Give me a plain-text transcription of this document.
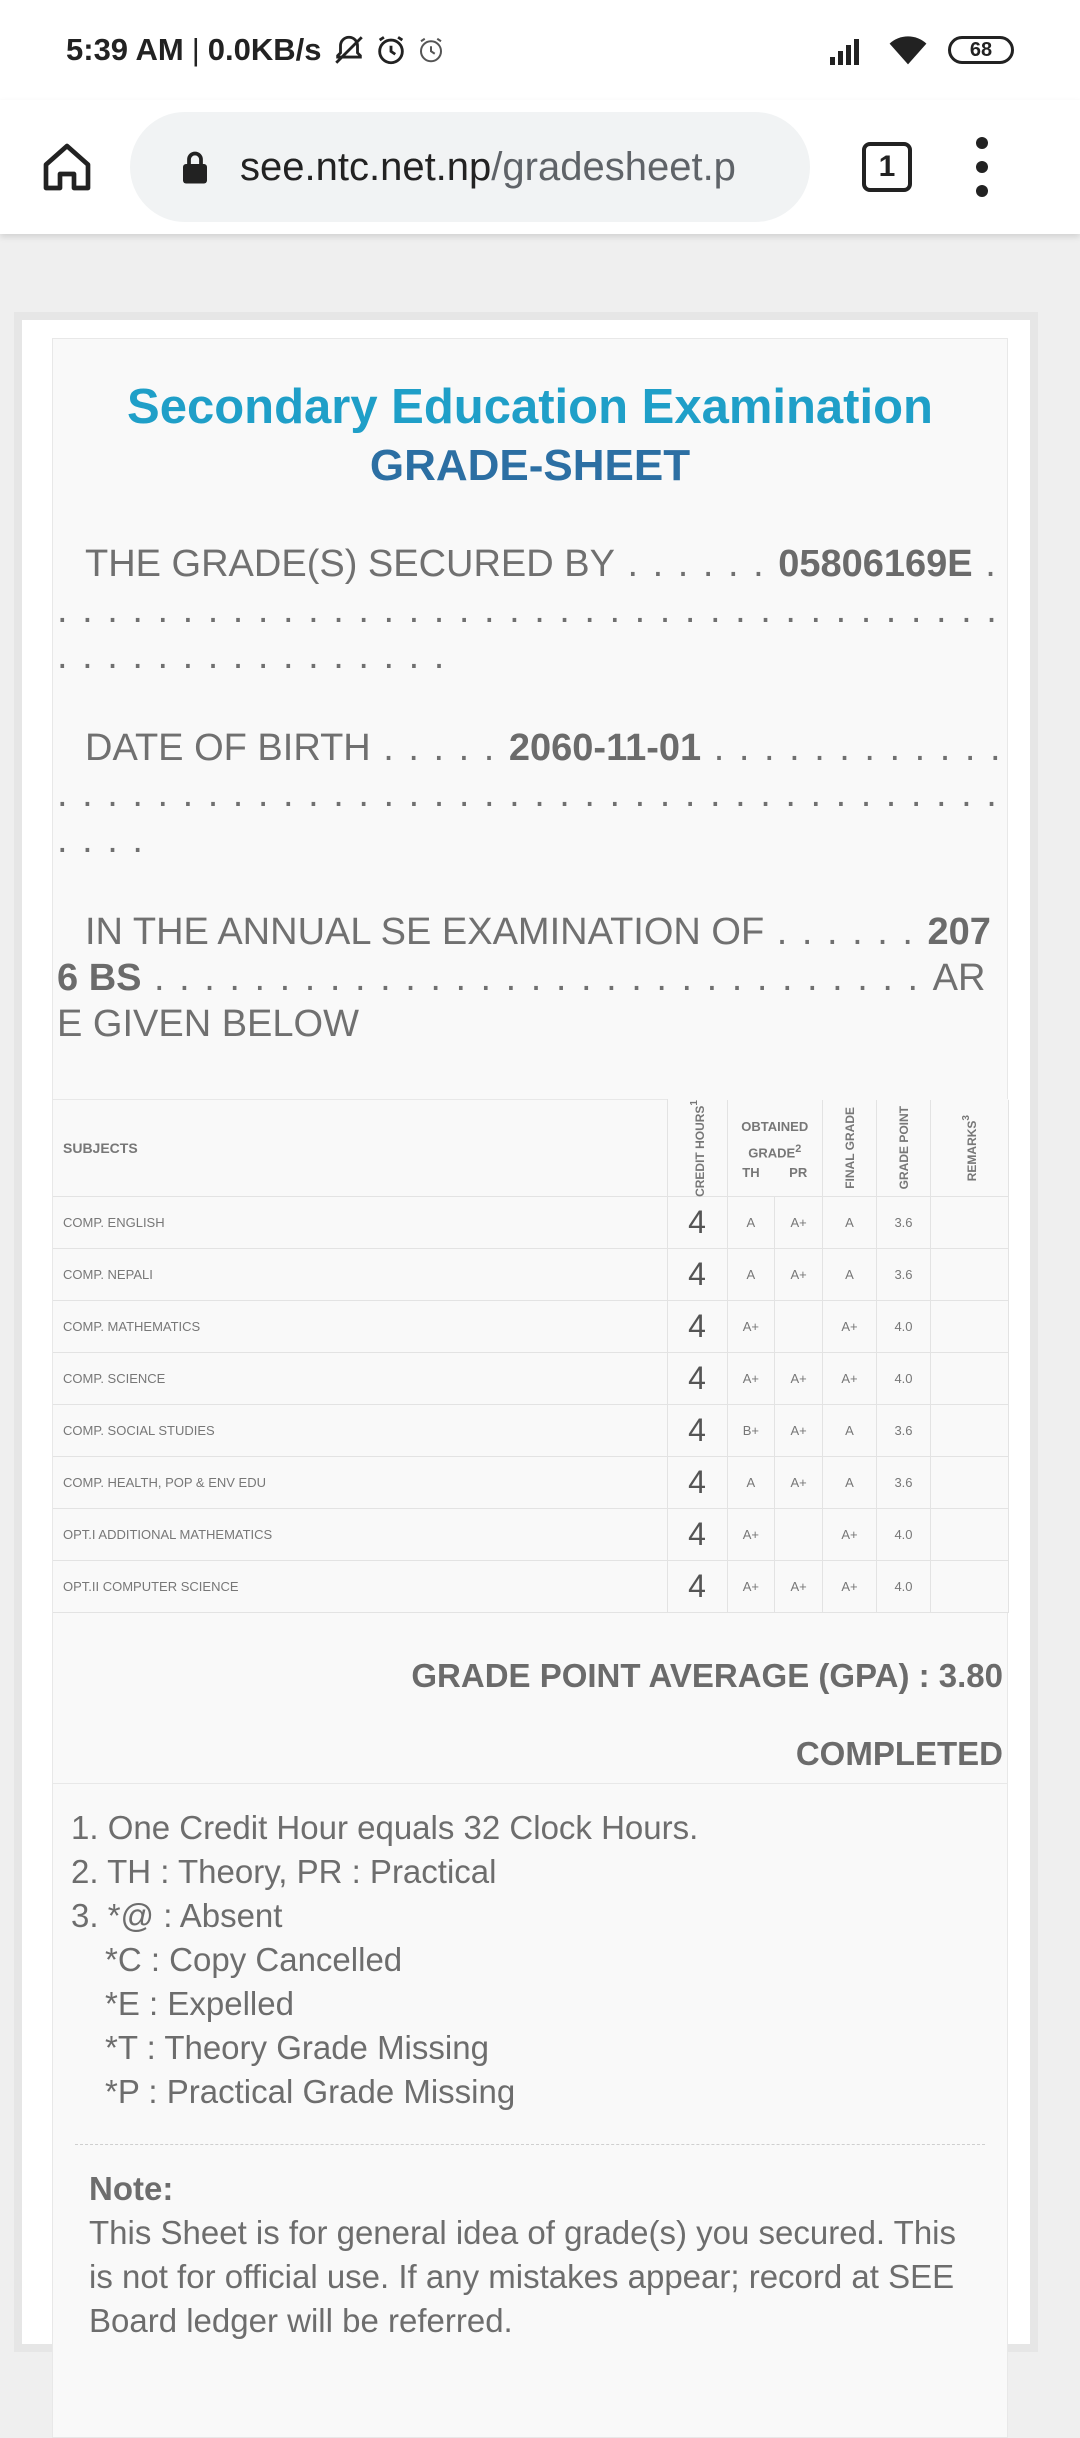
5:39 AM | 0.0KB/s	68
see.ntc.net.np/gradesheet.p	1
Secondary Education Examination
GRADE-SHEET
THE GRADE(S) SECURED BY . . . . . . 05806169E . . . . . . . . . . . . . . . . . . . . . . . . . . . . . . . . . . . . . . . . . . . . . . . . . . . . . . .
DATE OF BIRTH . . . . . 2060-11-01 . . . . . . . . . . . . . . . . . . . . . . . . . . . . . . . . . . . . . . . . . . . . . . . . . . . . . .
IN THE ANNUAL SE EXAMINATION OF . . . . . . 2076 BS . . . . . . . . . . . . . . . . . . . . . . . . . . . . . . . ARE GIVEN BELOW
SUBJECTS	CREDIT HOURS$^1$	OBTAINED GRADE$^2$
TH PR		FINAL GRADE	GRADE POINT	REMARKS$^3$

COMP. ENGLISH	4	A	A+	A	3.6	
COMP. NEPALI	4	A	A+	A	3.6	
COMP. MATHEMATICS	4	A+		A+	4.0	
COMP. SCIENCE	4	A+	A+	A+	4.0	
COMP. SOCIAL STUDIES	4	B+	A+	A	3.6	
COMP. HEALTH, POP & ENV EDU	4	A	A+	A	3.6	
OPT.I ADDITIONAL MATHEMATICS	4	A+		A+	4.0	
OPT.II COMPUTER SCIENCE	4	A+	A+	A+	4.0	
GRADE POINT AVERAGE (GPA) : 3.80
COMPLETED
1. One Credit Hour equals 32 Clock Hours.
2. TH : Theory, PR : Practical
3. *@ : Absent
*C : Copy Cancelled
*E : Expelled
*T : Theory Grade Missing
*P : Practical Grade Missing
Note:
This Sheet is for general idea of grade(s) you secured. This is not for official use. If any mistakes appear; record at SEE Board ledger will be referred.
